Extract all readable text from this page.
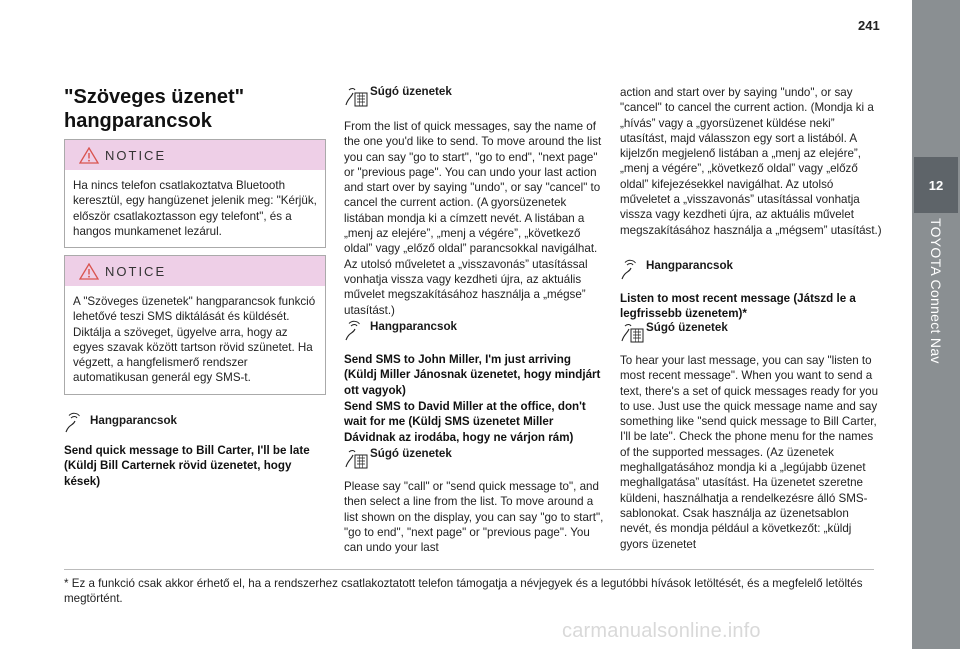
241
12
TOYOTA Connect Nav
"Szöveges üzenet" hangparancsok
NOTICE
Ha nincs telefon csatlakoztatva Bluetooth keresztül, egy hangüzenet jelenik meg: "Kérjük, először csatlakoztasson egy telefont", és a hangos munkamenet lezárul.
NOTICE
A "Szöveges üzenetek" hangparancsok funkció lehetővé teszi SMS diktálását és küldését. Diktálja a szöveget, ügyelve arra, hogy az egyes szavak között tartson rövid szünetet. Ha végzett, a hangfelismerő rendszer automatikusan generál egy SMS-t.
Hangparancsok
Send quick message to Bill Carter, I'll be late (Küldj Bill Carternek rövid üzenetet, hogy kések)
Súgó üzenetek
From the list of quick messages, say the name of the one you'd like to send. To move around the list you can say "go to start", "go to end", "next page" or "previous page". You can undo your last action and start over by saying "undo", or say "cancel" to cancel the current action. (A gyorsüzenetek listában mondja ki a címzett nevét. A listában a „menj az elejére”, „menj a végére”, „következő oldal” vagy „előző oldal” parancsokkal navigálhat. Az utolsó műveletet a „visszavonás” utasítással vonhatja vissza vagy kezdheti újra, az aktuális művelet megszakításához használja a „mégse” utasítást.)
Hangparancsok
Send SMS to John Miller, I'm just arriving (Küldj Miller Jánosnak üzenetet, hogy mindjárt ott vagyok)
Send SMS to David Miller at the office, don't wait for me (Küldj SMS üzenetet Miller Dávidnak az irodába, hogy ne várjon rám)
Súgó üzenetek
Please say "call" or "send quick message to", and then select a line from the list. To move around a list shown on the display, you can say "go to start", "go to end", "next page" or "previous page". You can undo your last
action and start over by saying "undo", or say "cancel" to cancel the current action. (Mondja ki a „hívás” vagy a „gyorsüzenet küldése neki” utasítást, majd válasszon egy sort a listából. A kijelzőn megjelenő listában a „menj az elejére”, „menj a végére”, „következő oldal” vagy „előző oldal” kifejezésekkel navigálhat. Az utolsó műveletet a „visszavonás” utasítással vonhatja vissza vagy kezdheti újra, az aktuális művelet megszakításához használja a „mégsem” utasítást.)
Hangparancsok
Listen to most recent message (Játszd le a legfrissebb üzenetem)*
Súgó üzenetek
To hear your last message, you can say "listen to most recent message". When you want to send a text, there's a set of quick messages ready for you to use. Just use the quick message name and say something like "send quick message to Bill Carter, I'll be late". Check the phone menu for the names of the supported messages. (Az üzenetek meghallgatásához mondja ki a „legújabb üzenet meghallgatása” utasítást. Ha üzenetet szeretne küldeni, használhatja a rendelkezésre álló SMS-sablonokat. Csak használja az üzenetsablon nevét, és mondja például a következőt: „küldj gyors üzenetet
* Ez a funkció csak akkor érhető el, ha a rendszerhez csatlakoztatott telefon támogatja a névjegyek és a legutóbbi hívások letöltését, és a megfelelő letöltés megtörtént.
carmanualsonline.info
